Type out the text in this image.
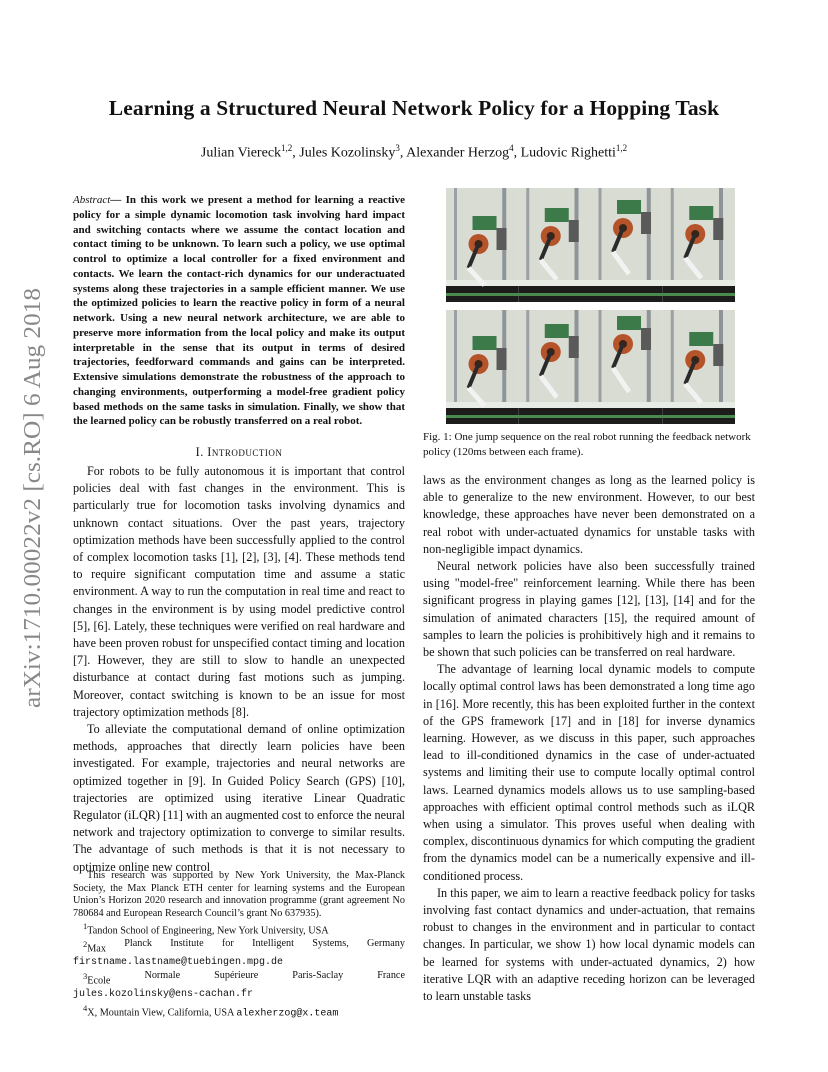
Learning a Structured Neural Network Policy for a Hopping Task
Julian Viereck$^{1,2}$, Jules Kozolinsky$^3$, Alexander Herzog$^4$, Ludovic Righetti$^{1,2}$
arXiv:1710.00022v2 [cs.RO] 6 Aug 2018
Abstract— In this work we present a method for learning a reactive policy for a simple dynamic locomotion task involving hard impact and switching contacts where we assume the contact location and contact timing to be unknown. To learn such a policy, we use optimal control to optimize a local controller for a fixed environment and contacts. We learn the contact-rich dynamics for our underactuated systems along these trajectories in a sample efficient manner. We use the optimized policies to learn the reactive policy in form of a neural network. Using a new neural network architecture, we are able to preserve more information from the local policy and make its output interpretable in the sense that its output in terms of desired trajectories, feedforward commands and gains can be interpreted. Extensive simulations demonstrate the robustness of the approach to changing environments, outperforming a model-free gradient policy based methods on the same tasks in simulation. Finally, we show that the learned policy can be robustly transferred on a real robot.
I. Introduction

For robots to be fully autonomous it is important that control policies deal with fast changes in the environment. This is particularly true for locomotion tasks involving dynamics and unknown contact situations. Over the past years, trajectory optimization methods have been successfully applied to the control of complex locomotion tasks [1], [2], [3], [4]. These methods tend to require significant computation time and assume a static environment. A way to run the computation in real time and react to changes in the environment is by using model predictive control [5], [6]. Lately, these techniques were verified on real hardware and have been proven robust for unspecified contact timing and location [7]. However, they are still to slow to handle an unexpected disturbance at contact during fast motions such as jumping. Moreover, contact switching is known to be an issue for most trajectory optimization methods [8].

To alleviate the computational demand of online optimization methods, approaches that directly learn policies have been investigated. For example, trajectories and neural networks are optimized together in [9]. In Guided Policy Search (GPS) [10], trajectories are optimized using iterative Linear Quadratic Regulator (iLQR) [11] with an augmented cost to enforce the neural network and trajectory optimization to converge to similar results. The advantage of such methods is that it is not necessary to optimize online new control

This research was supported by New York University, the Max-Planck Society, the Max Planck ETH center for learning systems and the European Union’s Horizon 2020 research and innovation programme (grant agreement No 780684 and European Research Council’s grant No 637935).

$^1$Tandon School of Engineering, New York University, USA

$^2$Max Planck Institute for Intelligent Systems, Germany

firstname.lastname@tuebingen.mpg.de

$^3$Ecole	Normale	Supérieure	Paris-Saclay	France

jules.kozolinsky@ens-cachan.fr

$^4$X, Mountain View, California, USA alexherzog@x.team

Fig. 1: One jump sequence on the real robot running the feedback network policy (120ms between each frame).

laws as the environment changes as long as the learned policy is able to generalize to the new environment. However, to our best knowledge, these approaches have never been demonstrated on a real robot with under-actuated dynamics for unstable tasks with non-negligible impact dynamics.

Neural network policies have also been successfully trained using "model-free" reinforcement learning. While there has been significant progress in playing games [12], [13], [14] and for the simulation of animated characters [15], the required amount of samples to learn the policies is prohibitively high and it remains to be shown that such policies can be transferred on real hardware.

The advantage of learning local dynamic models to compute locally optimal control laws has been demonstrated a long time ago in [16]. More recently, this has been exploited further in the context of the GPS framework [17] and in [18] for inverse dynamics learning. However, as we discuss in this paper, such approaches lead to ill-conditioned dynamics in the case of under-actuated systems and limiting their use to compute locally optimal control laws. Learned dynamics models allows us to use sampling-based approaches with efficient optimal control methods such as iLQR when using a simulator. This proves useful when dealing with complex, discontinuous dynamics for which computing the gradient from the dynamics model can be a numerically expensive and ill-conditioned process.

In this paper, we aim to learn a reactive feedback policy for tasks involving fast contact dynamics and under-actuation, that remains robust to changes in the environment and in particular to contact changes. In particular, we show 1) how local dynamic models can be learned for systems with under-actuated dynamics, 2) how iterative LQR with an adaptive receding horizon can be leveraged to learn unstable tasks
